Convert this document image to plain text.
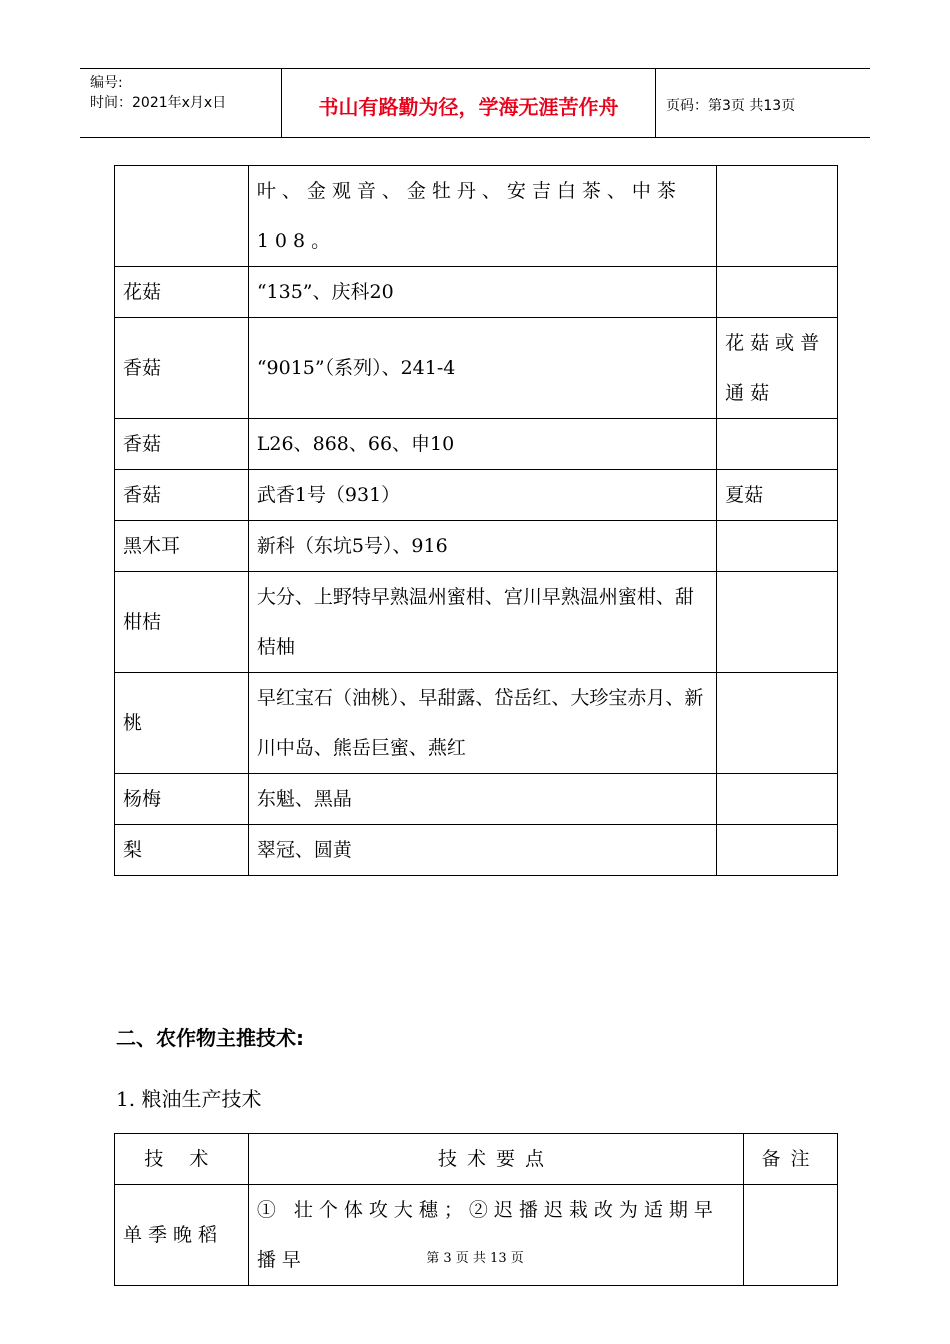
编号:
时间：2021年x月x日	书山有路勤为径，学海无涯苦作舟	页码：第3页 共13页
	叶、金观音、金牡丹、安吉白茶、中茶108。	
花菇	“135”、庆科20	
香菇	“9015”（系列）、241-4	花菇或普通菇
香菇	L26、868、66、申10	
香菇	武香1号（931）	夏菇
黑木耳	新科（东坑5号）、916	
柑桔	大分、上野特早熟温州蜜柑、宫川早熟温州蜜柑、甜桔柚	
桃	早红宝石（油桃）、早甜露、岱岳红、大珍宝赤月、新川中岛、熊岳巨蜜、燕红	
杨梅	东魁、黑晶	
梨	翠冠、圆黄	
二、农作物主推技术:
1. 粮油生产技术
技 术	技术要点	备注
单季晚稻	① 壮个体攻大穗；②迟播迟栽改为适期早播早		第 3 页 共 13 页
